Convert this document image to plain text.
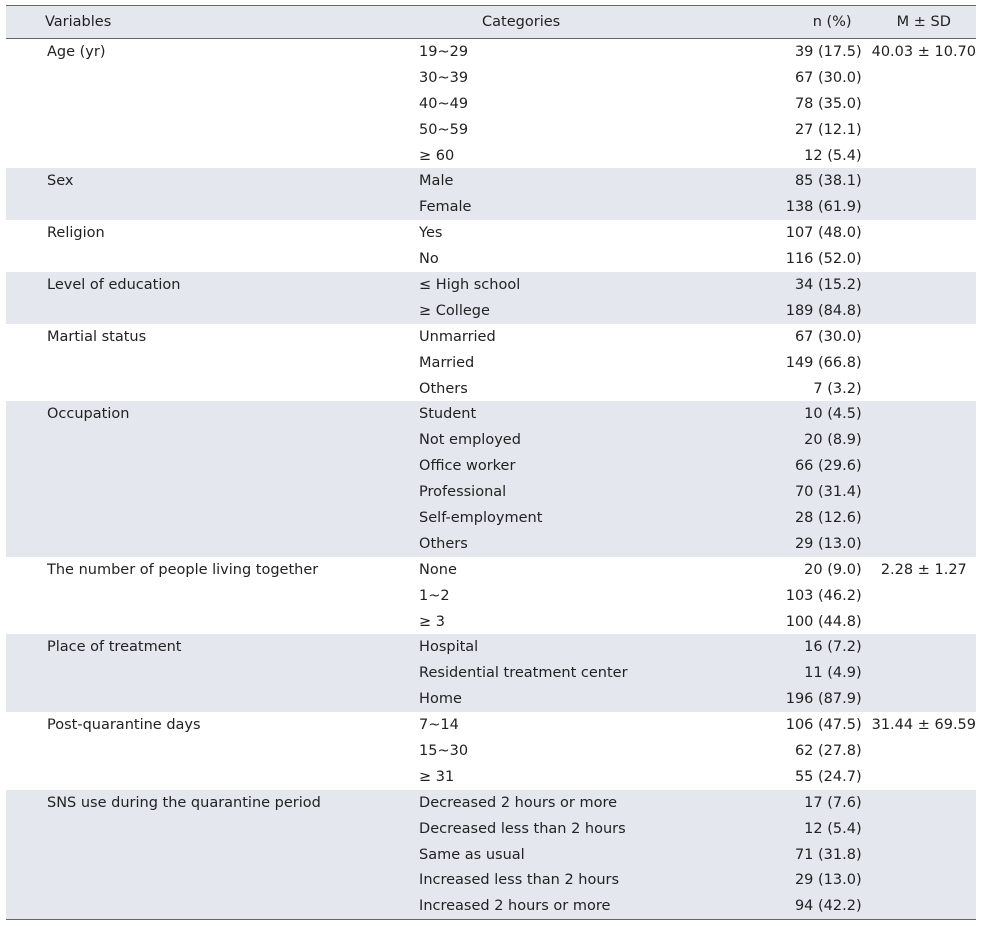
Variables	Categories	n (%)	M ± SD
Age (yr)	19~29	39 (17.5)	40.03 ± 10.70
	30~39	67 (30.0)	
	40~49	78 (35.0)	
	50~59	27 (12.1)	
	≥ 60	12 (5.4)	
Sex	Male	85 (38.1)	
	Female	138 (61.9)	
Religion	Yes	107 (48.0)	
	No	116 (52.0)	
Level of education	≤ High school	34 (15.2)	
	≥ College	189 (84.8)	
Martial status	Unmarried	67 (30.0)	
	Married	149 (66.8)	
	Others	7 (3.2)	
Occupation	Student	10 (4.5)	
	Not employed	20 (8.9)	
	Office worker	66 (29.6)	
	Professional	70 (31.4)	
	Self-employment	28 (12.6)	
	Others	29 (13.0)	
The number of people living together	None	20 (9.0)	2.28 ± 1.27
	1~2	103 (46.2)	
	≥ 3	100 (44.8)	
Place of treatment	Hospital	16 (7.2)	
	Residential treatment center	11 (4.9)	
	Home	196 (87.9)	
Post-quarantine days	7~14	106 (47.5)	31.44 ± 69.59
	15~30	62 (27.8)	
	≥ 31	55 (24.7)	
SNS use during the quarantine period	Decreased 2 hours or more	17 (7.6)	
	Decreased less than 2 hours	12 (5.4)	
	Same as usual	71 (31.8)	
	Increased less than 2 hours	29 (13.0)	
	Increased 2 hours or more	94 (42.2)	
